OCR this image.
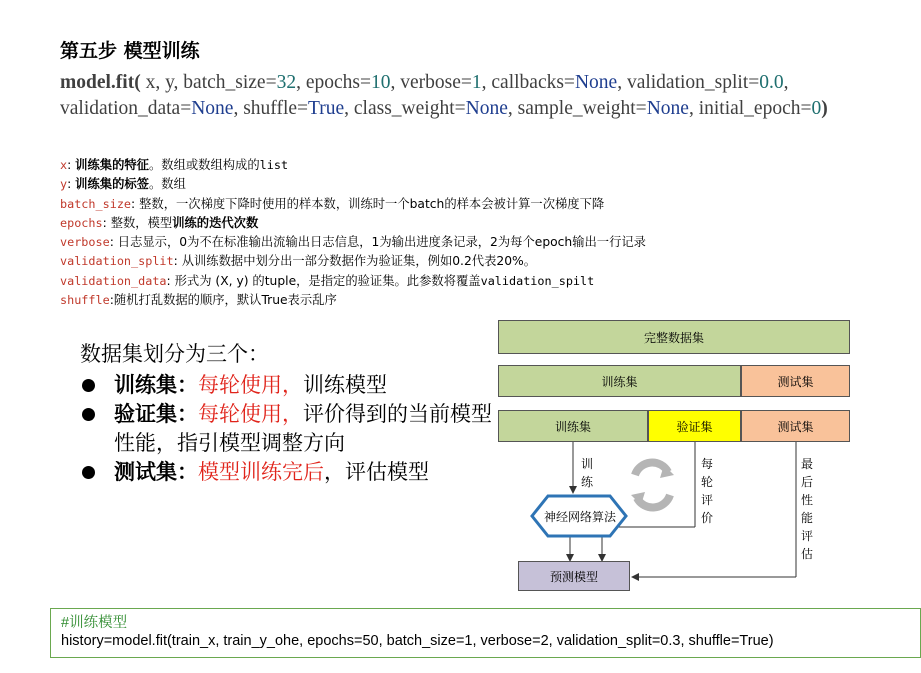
第五步 模型训练
model.fit( x, y, batch_size=32, epochs=10, verbose=1, callbacks=None, validation_split=0.0, validation_data=None, shuffle=True, class_weight=None, sample_weight=None, initial_epoch=0)
x: 训练集的特征。数组或数组构成的list
y: 训练集的标签。数组
batch_size: 整数，一次梯度下降时使用的样本数，训练时一个batch的样本会被计算一次梯度下降
epochs: 整数，模型训练的迭代次数
verbose: 日志显示，0为不在标准输出流输出日志信息，1为输出进度条记录，2为每个epoch输出一行记录
validation_split: 从训练数据中划分出一部分数据作为验证集，例如0.2代表20%。
validation_data: 形式为 (X, y) 的tuple，是指定的验证集。此参数将覆盖validation_spilt
shuffle:随机打乱数据的顺序，默认True表示乱序
数据集划分为三个：
训练集：每轮使用，训练模型
验证集：每轮使用，评价得到的当前模型性能，指引模型调整方向
测试集：模型训练完后，评估模型
完整数据集
训练集	测试集
训练集	验证集	测试集
神经网络算法
训
练
每
轮
评
价
最
后
性
能
评
估
预测模型
#训练模型
history=model.fit(train_x, train_y_ohe, epochs=50, batch_size=1, verbose=2, validation_split=0.3, shuffle=True)
